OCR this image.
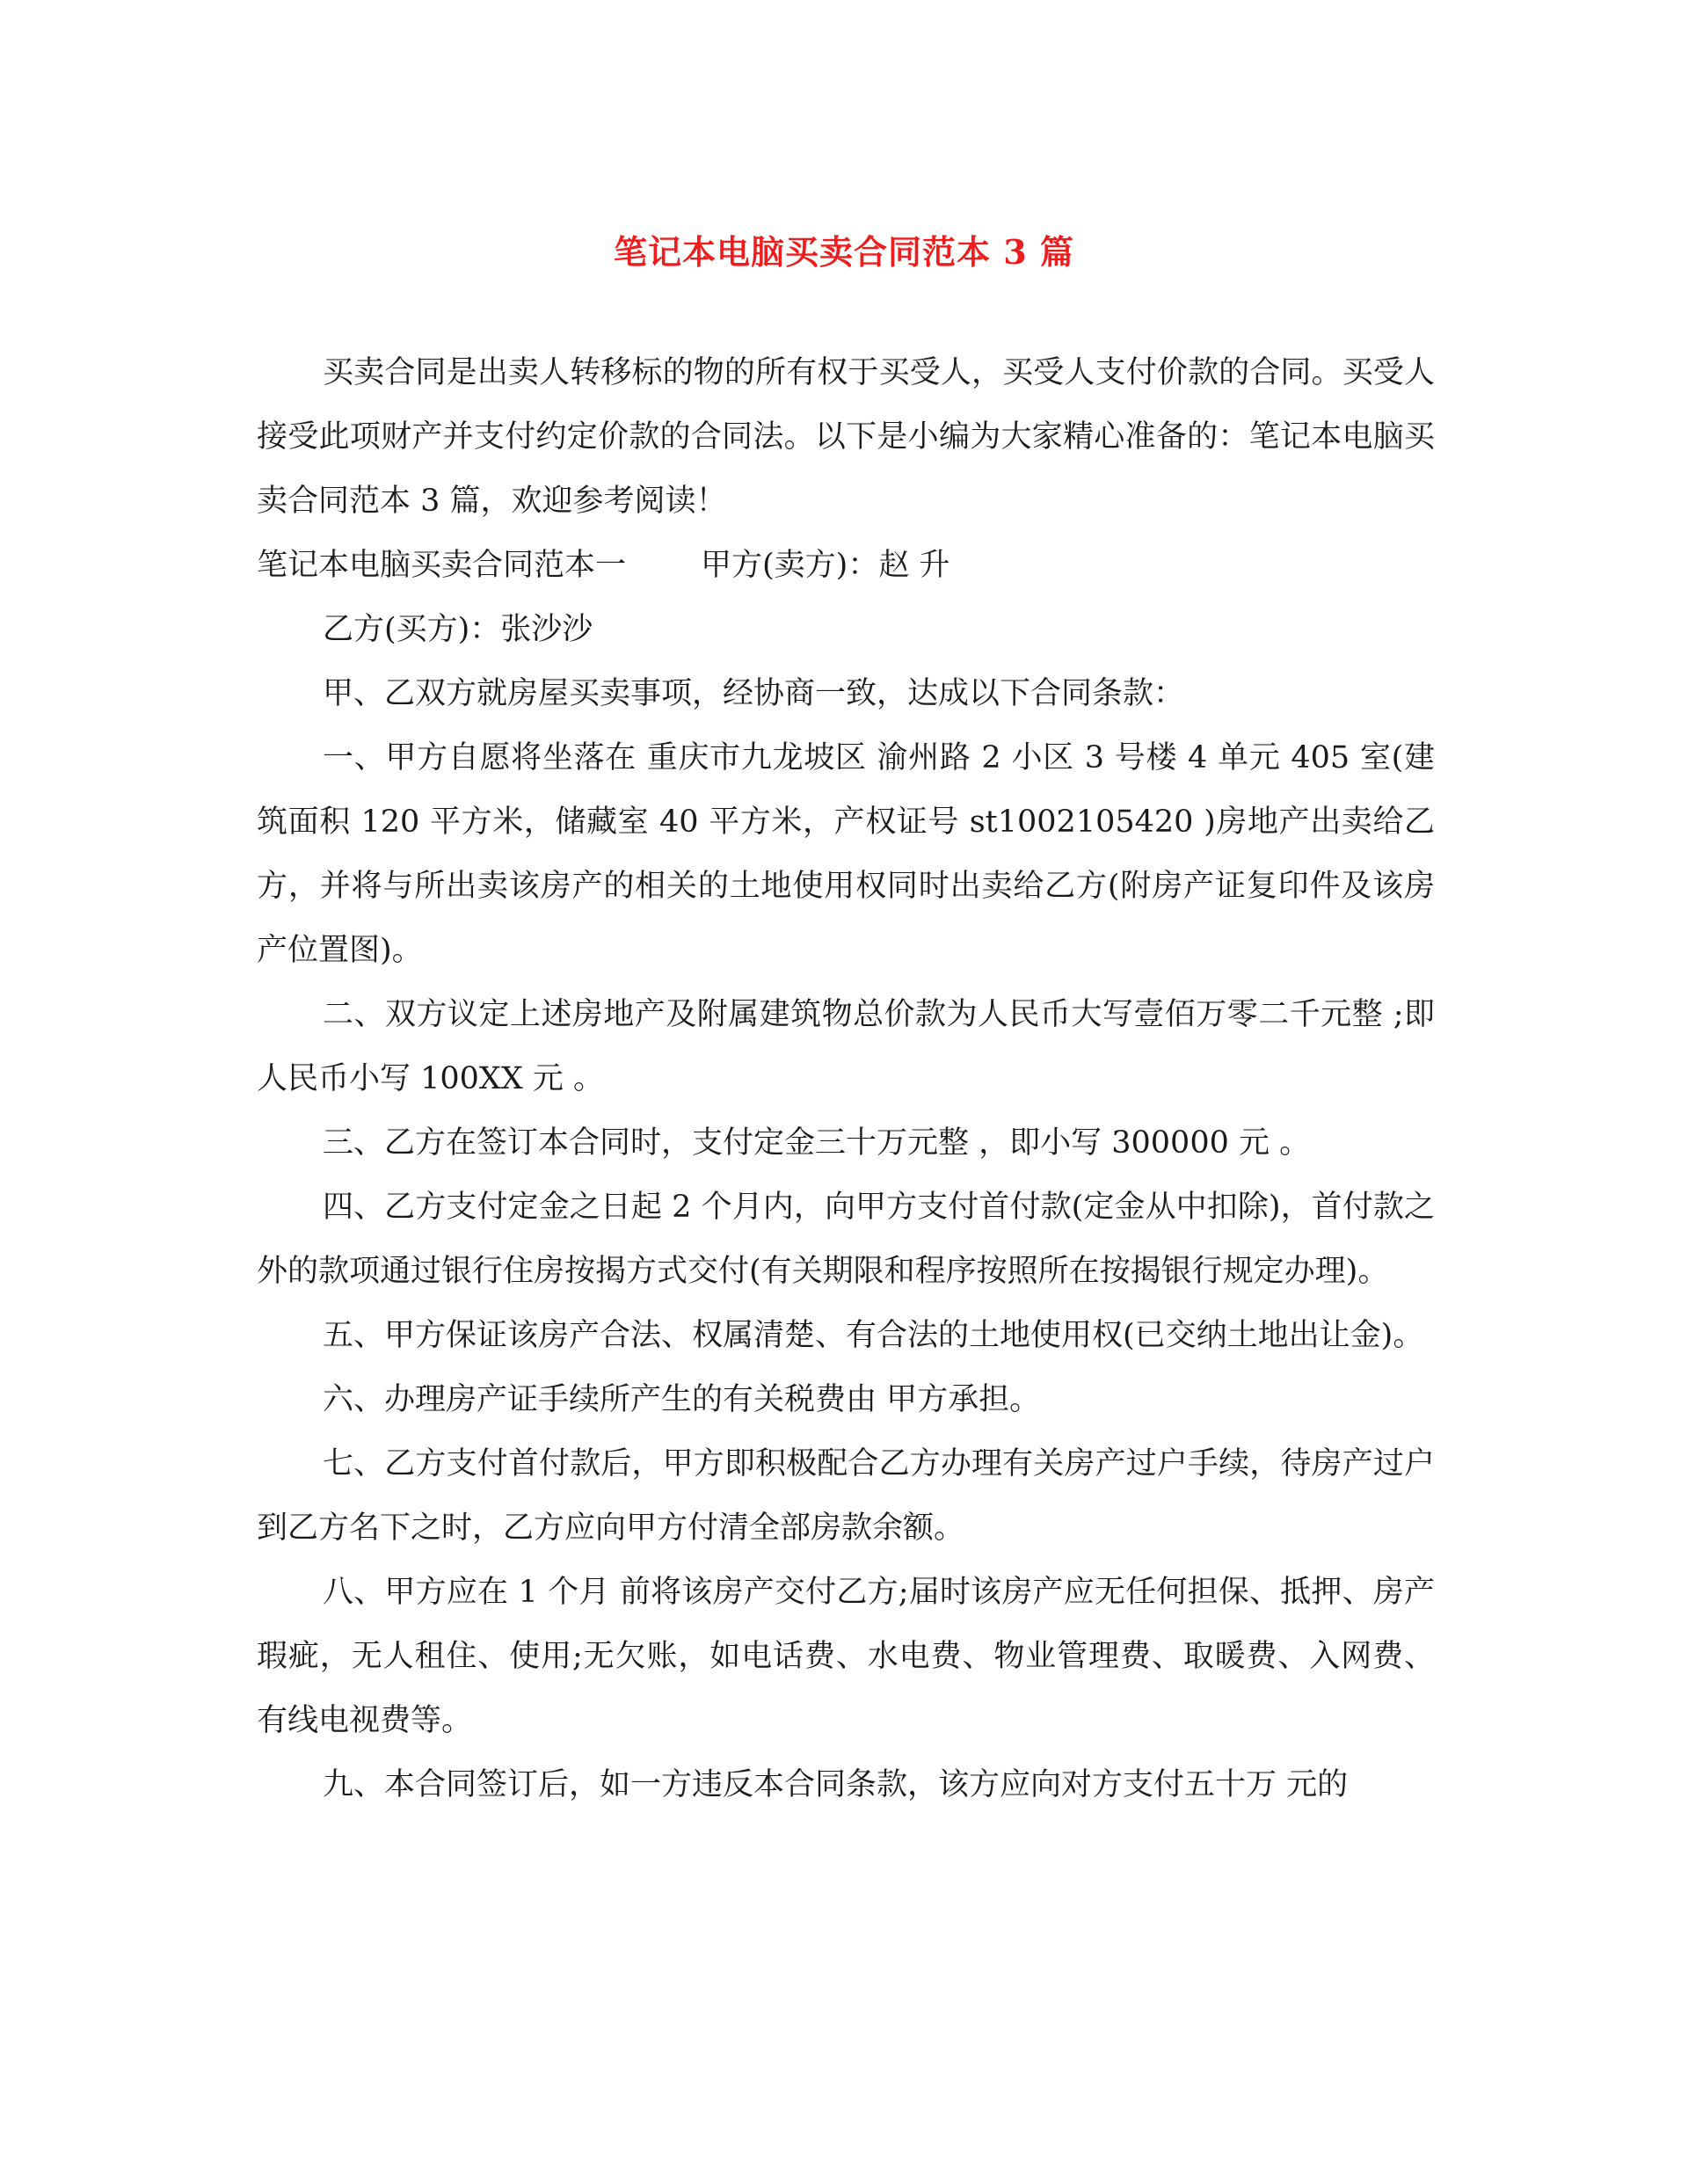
笔记本电脑买卖合同范本 3 篇

买卖合同是出卖人转移标的物的所有权于买受人，买受人支付价款的合同。买受人接受此项财产并支付约定价款的合同法。以下是小编为大家精心准备的：笔记本电脑买卖合同范本 3 篇，欢迎参考阅读！

笔记本电脑买卖合同范本一 甲方(卖方)：赵 升

乙方(买方)：张沙沙

甲、乙双方就房屋买卖事项，经协商一致，达成以下合同条款：

一、甲方自愿将坐落在 重庆市九龙坡区 渝州路 2 小区 3 号楼 4 单元 405 室(建筑面积 120 平方米，储藏室 40 平方米，产权证号 st1002105420 )房地产出卖给乙方，并将与所出卖该房产的相关的土地使用权同时出卖给乙方(附房产证复印件及该房产位置图)。

二、双方议定上述房地产及附属建筑物总价款为人民币大写壹佰万零二千元整 ;即人民币小写 100XX 元 。

三、乙方在签订本合同时，支付定金三十万元整 ，即小写 300000 元 。

四、乙方支付定金之日起 2 个月内，向甲方支付首付款(定金从中扣除)，首付款之外的款项通过银行住房按揭方式交付(有关期限和程序按照所在按揭银行规定办理)。

五、甲方保证该房产合法、权属清楚、有合法的土地使用权(已交纳土地出让金)。

六、办理房产证手续所产生的有关税费由 甲方承担。

七、乙方支付首付款后，甲方即积极配合乙方办理有关房产过户手续，待房产过户到乙方名下之时，乙方应向甲方付清全部房款余额。

八、甲方应在 1 个月 前将该房产交付乙方;届时该房产应无任何担保、抵押、房产瑕疵，无人租住、使用;无欠账，如电话费、水电费、物业管理费、取暖费、入网费、有线电视费等。

九、本合同签订后，如一方违反本合同条款，该方应向对方支付五十万 元的
